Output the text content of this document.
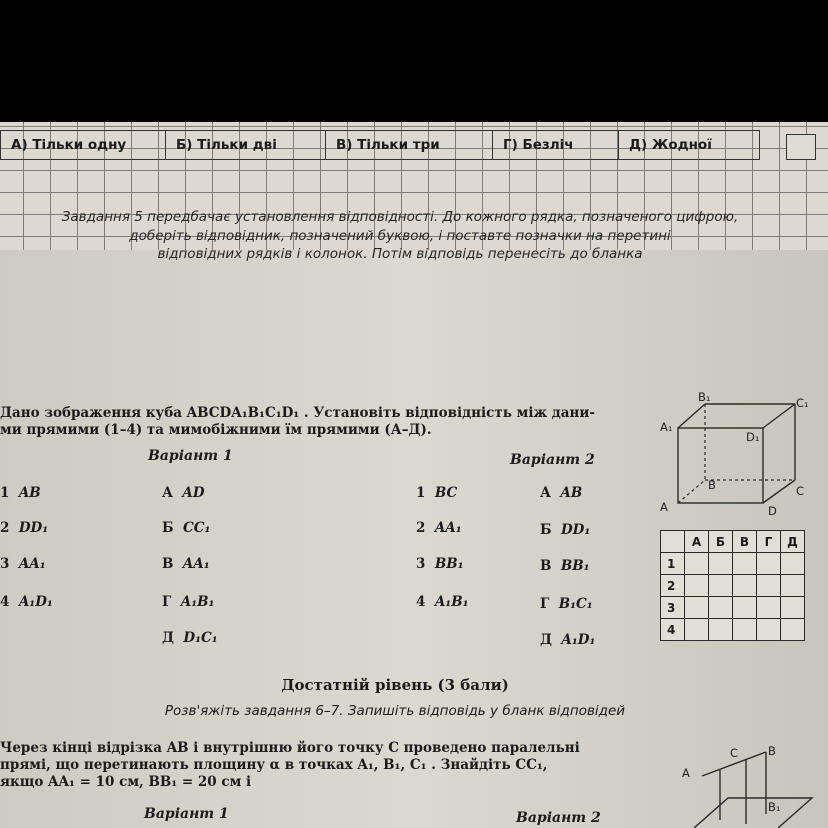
А) Тільки одну	Б) Тільки дві	В) Тільки три	Г) Безліч	Д) Жодної
Завдання 5 передбачає установлення відповідності. До кожного рядка, позначеного цифрою,
доберіть відповідник, позначений буквою, і поставте позначки на перетині
відповідних рядків і колонок. Потім відповідь перенесіть до бланка
Дано зображення куба ABCDA₁B₁C₁D₁ . Установіть відповідність між дани-
ми прямими (1–4) та мимобіжними їм прямими (А–Д).
Варіант 1	Варіант 2
1 AB
2 DD₁
3 AA₁
4 A₁D₁
А AD
Б CC₁
В AA₁
Г A₁B₁
Д D₁C₁
1 BC
2 AA₁
3 BB₁
4 A₁B₁
А AB
Б DD₁
В BB₁
Г B₁C₁
Д A₁D₁
B₁	C₁
A₁
D₁
B	C
A	D
	А	Б	В	Г	Д
1					
2					
3					
4					
Достатній рівень (3 бали)
Розв'яжіть завдання 6–7. Запишіть відповідь у бланк відповідей
Через кінці відрізка AB і внутрішню його точку C проведено паралельні
прямі, що перетинають площину α в точках A₁, B₁, C₁ . Знайдіть CC₁,
якщо AA₁ = 10 см, BB₁ = 20 см і
Варіант 1	Варіант 2
A
C	B
B₁
